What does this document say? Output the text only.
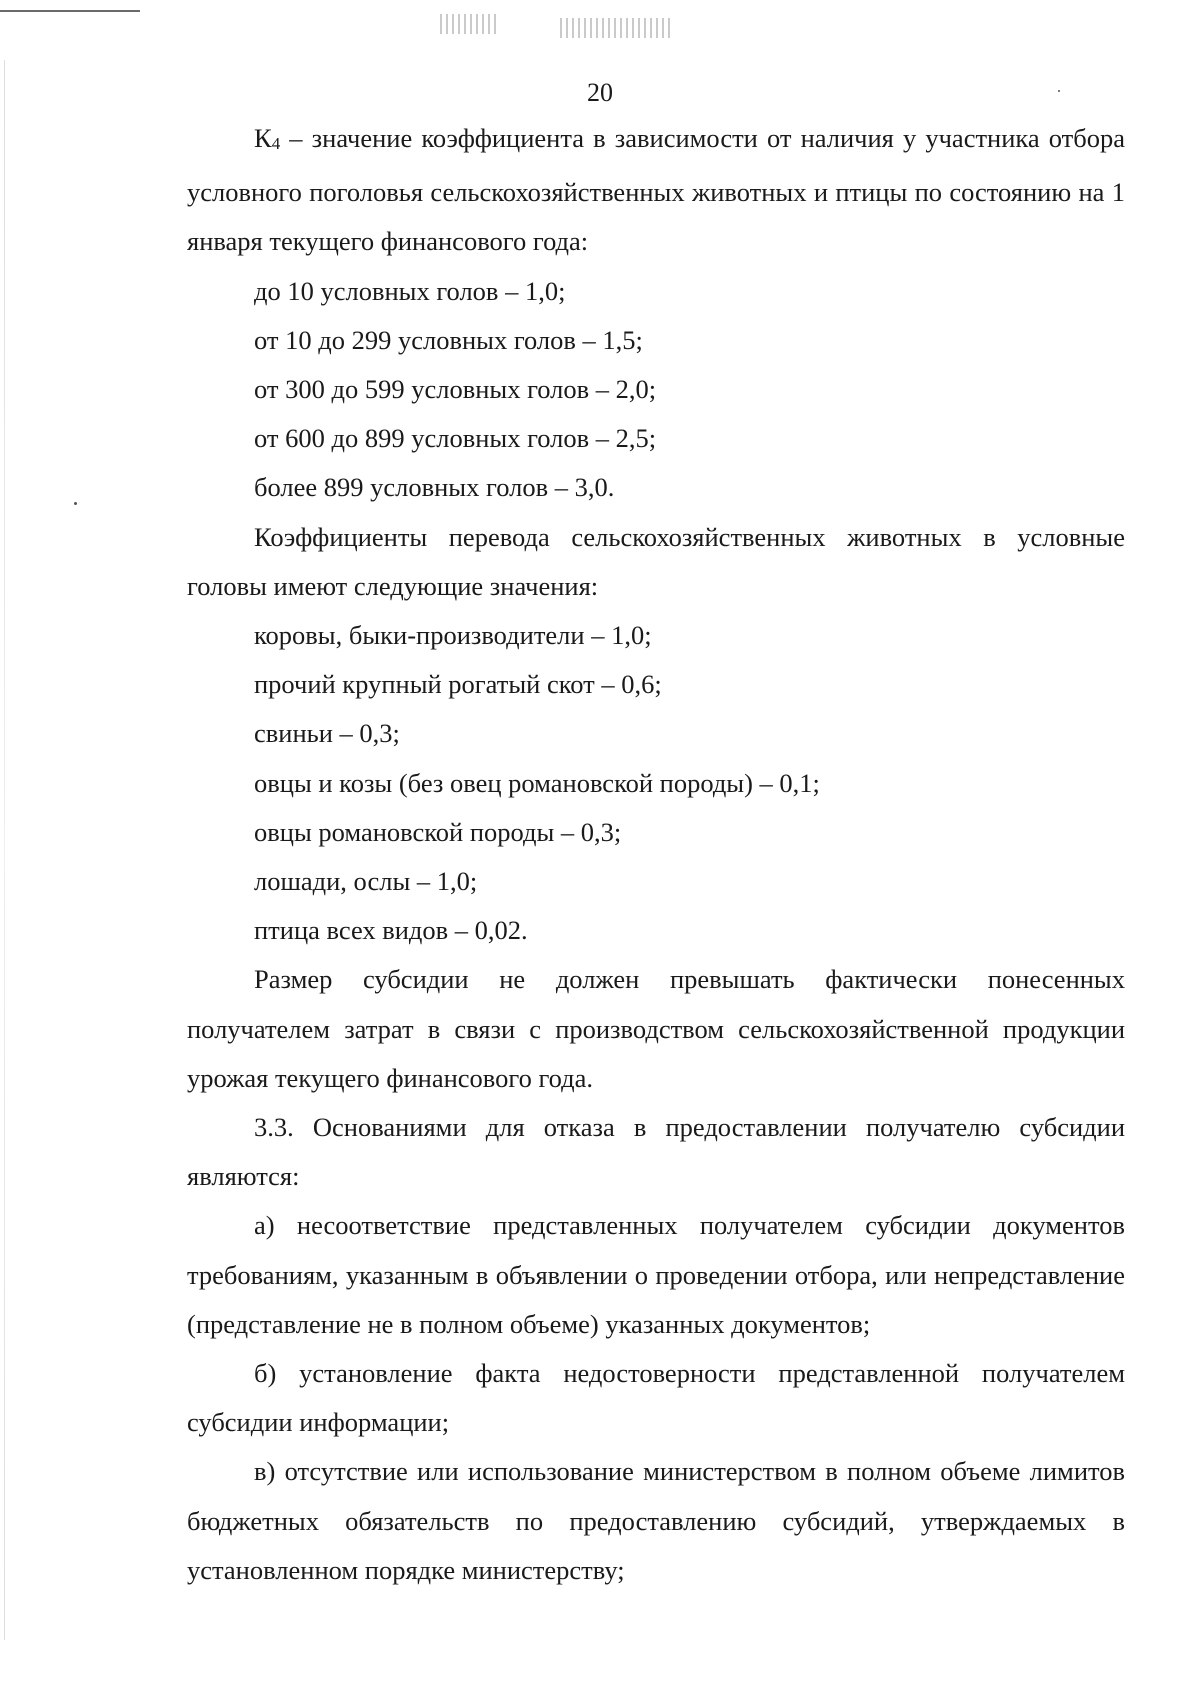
20

К4 – значение коэффициента в зависимости от наличия у участника отбора условного поголовья сельскохозяйственных животных и птицы по состоянию на 1 января текущего финансового года:

до 10 условных голов – 1,0;

от 10 до 299 условных голов – 1,5;

от 300 до 599 условных голов – 2,0;

от 600 до 899 условных голов – 2,5;

более 899 условных голов – 3,0.

Коэффициенты перевода сельскохозяйственных животных в условные головы имеют следующие значения:

коровы, быки-производители – 1,0;

прочий крупный рогатый скот – 0,6;

свиньи – 0,3;

овцы и козы (без овец романовской породы) – 0,1;

овцы романовской породы – 0,3;

лошади, ослы – 1,0;

птица всех видов – 0,02.

Размер субсидии не должен превышать фактически понесенных получателем затрат в связи с производством сельскохозяйственной продукции урожая текущего финансового года.

3.3. Основаниями для отказа в предоставлении получателю субсидии являются:

а) несоответствие представленных получателем субсидии документов требованиям, указанным в объявлении о проведении отбора, или непредставление (представление не в полном объеме) указанных документов;

б) установление факта недостоверности представленной получателем субсидии информации;

в) отсутствие или использование министерством в полном объеме лимитов бюджетных обязательств по предоставлению субсидий, утверждаемых в установленном порядке министерству;
